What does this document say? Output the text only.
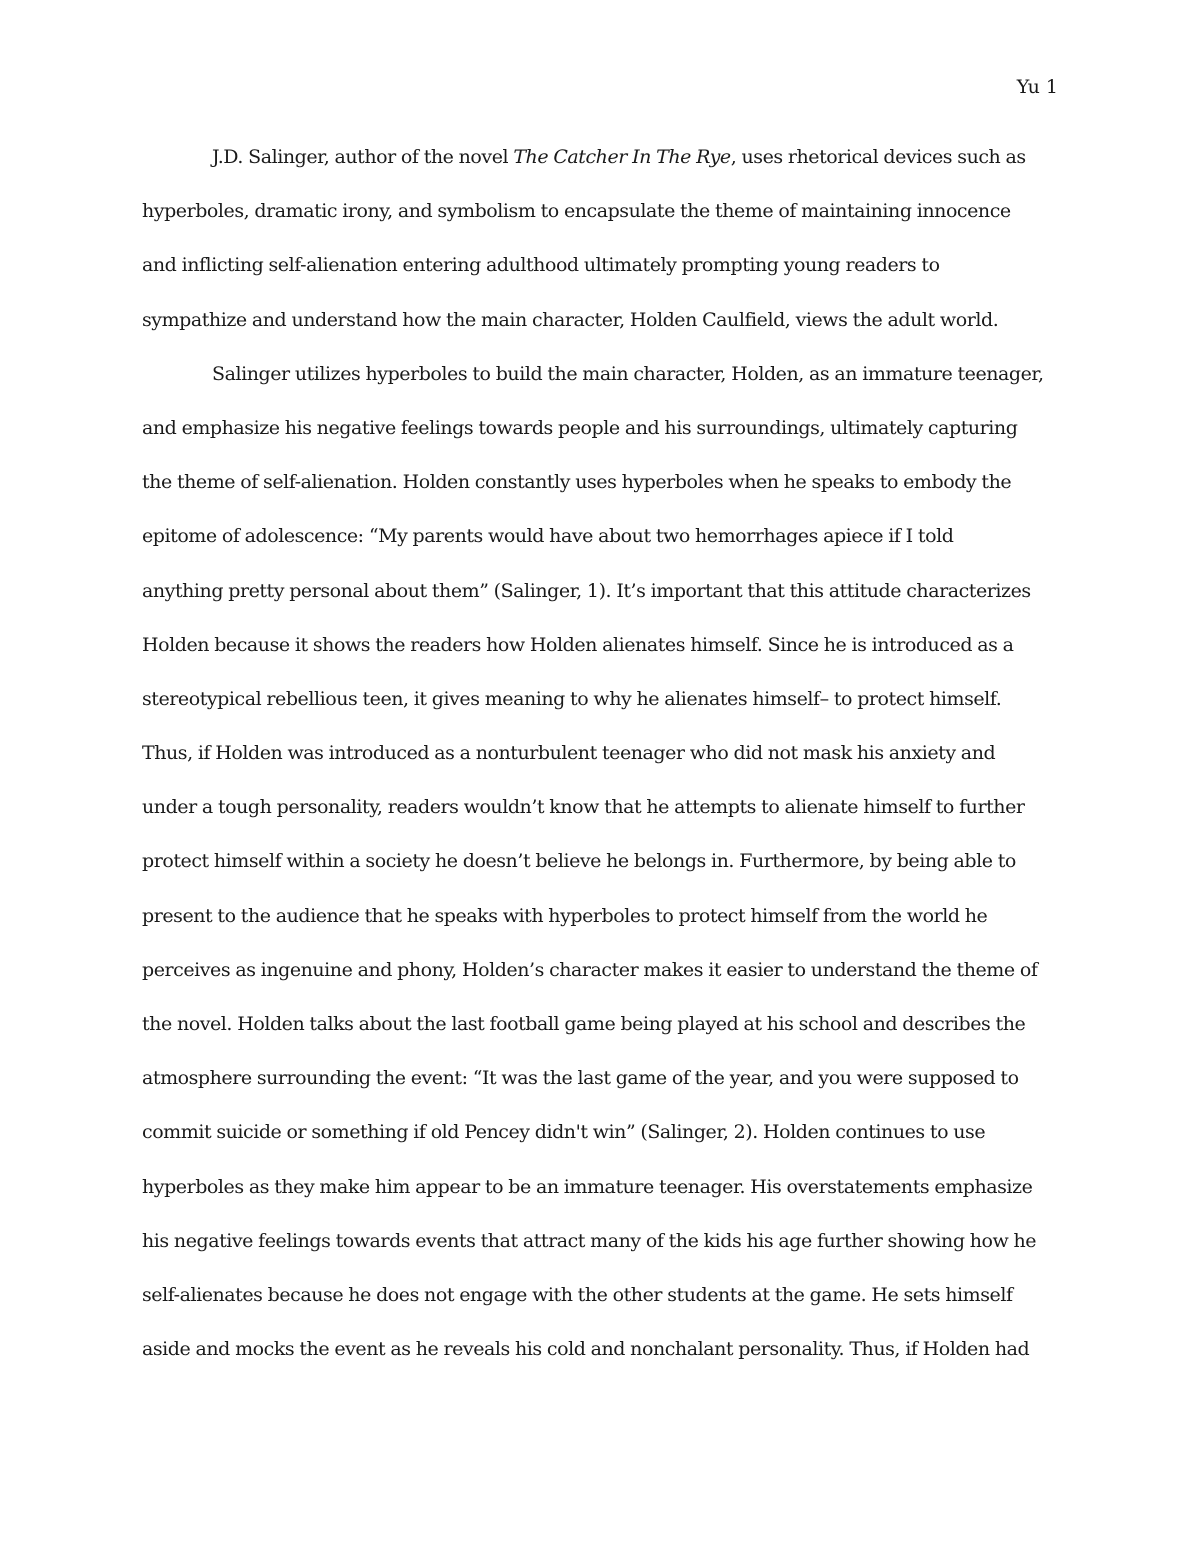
Yu 1
J.D. Salinger, author of the novel The Catcher In The Rye, uses rhetorical devices such as
hyperboles, dramatic irony, and symbolism to encapsulate the theme of maintaining innocence
and inflicting self-alienation entering adulthood ultimately prompting young readers to
sympathize and understand how the main character, Holden Caulfield, views the adult world.
Salinger utilizes hyperboles to build the main character, Holden, as an immature teenager,
and emphasize his negative feelings towards people and his surroundings, ultimately capturing
the theme of self-alienation. Holden constantly uses hyperboles when he speaks to embody the
epitome of adolescence: “My parents would have about two hemorrhages apiece if I told
anything pretty personal about them” (Salinger, 1). It’s important that this attitude characterizes
Holden because it shows the readers how Holden alienates himself. Since he is introduced as a
stereotypical rebellious teen, it gives meaning to why he alienates himself– to protect himself.
Thus, if Holden was introduced as a nonturbulent teenager who did not mask his anxiety and
under a tough personality, readers wouldn’t know that he attempts to alienate himself to further
protect himself within a society he doesn’t believe he belongs in. Furthermore, by being able to
present to the audience that he speaks with hyperboles to protect himself from the world he
perceives as ingenuine and phony, Holden’s character makes it easier to understand the theme of
the novel. Holden talks about the last football game being played at his school and describes the
atmosphere surrounding the event: “It was the last game of the year, and you were supposed to
commit suicide or something if old Pencey didn't win” (Salinger, 2). Holden continues to use
hyperboles as they make him appear to be an immature teenager. His overstatements emphasize
his negative feelings towards events that attract many of the kids his age further showing how he
self-alienates because he does not engage with the other students at the game. He sets himself
aside and mocks the event as he reveals his cold and nonchalant personality. Thus, if Holden had
